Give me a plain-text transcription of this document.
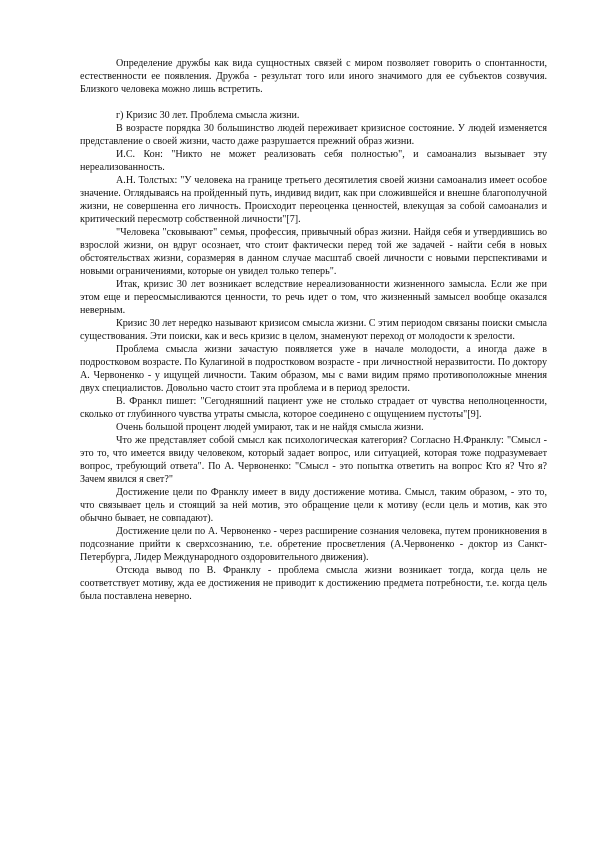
Определение дружбы как вида сущностных связей с миром позволяет говорить о спонтанности, естественности ее появления. Дружба - результат того или иного значимого для ее субъектов созвучия. Близкого человека можно лишь встретить.

г) Кризис 30 лет. Проблема смысла жизни.

В возрасте порядка 30 большинство людей переживает кризисное состояние. У людей изменяется представление о своей жизни, часто даже разрушается прежний образ жизни.

И.С. Кон: "Никто не может реализовать себя полностью", и самоанализ вызывает эту нереализованность.

А.Н. Толстых: "У человека на границе третьего десятилетия своей жизни самоанализ имеет особое значение. Оглядываясь на пройденный путь, индивид видит, как при сложившейся и внешне благополучной жизни, не совершенна его личность. Происходит переоценка ценностей, влекущая за собой самоанализ и критический пересмотр собственной личности"[7].

"Человека "сковывают" семья, профессия, привычный образ жизни. Найдя себя и утвердившись во взрослой жизни, он вдруг осознает, что стоит фактически перед той же задачей - найти себя в новых обстоятельствах жизни, соразмеряя в данном случае масштаб своей личности с новыми перспективами и новыми ограничениями, которые он увидел только теперь".

Итак, кризис 30 лет возникает вследствие нереализованности жизненного замысла. Если же при этом еще и переосмысливаются ценности, то речь идет о том, что жизненный замысел вообще оказался неверным.

Кризис 30 лет нередко называют кризисом смысла жизни. С этим периодом связаны поиски смысла существования. Эти поиски, как и весь кризис в целом, знаменуют переход от молодости к зрелости.

Проблема смысла жизни зачастую появляется уже в начале молодости, а иногда даже в подростковом возрасте. По Кулагиной в подростковом возрасте - при личностной неразвитости. По доктору А. Червоненко - у ищущей личности. Таким образом, мы с вами видим прямо противоположные мнения двух специалистов. Довольно часто стоит эта проблема и в период зрелости.

В. Франкл пишет: "Сегодняшний пациент уже не столько страдает от чувства неполноценности, сколько от глубинного чувства утраты смысла, которое соединено с ощущением пустоты"[9].

Очень большой процент людей умирают, так и не найдя смысла жизни.

Что же представляет собой смысл как психологическая категория? Согласно Н.Франклу: "Смысл - это то, что имеется ввиду человеком, который задает вопрос, или ситуацией, которая тоже подразумевает вопрос, требующий ответа". По А. Червоненко: "Смысл - это попытка ответить на вопрос Кто я? Что я? Зачем явился я свет?"

Достижение цели по Франклу имеет в виду достижение мотива. Смысл, таким образом, - это то, что связывает цель и стоящий за ней мотив, это обращение цели к мотиву (если цель и мотив, как это обычно бывает, не совпадают).

Достижение цели по А. Червоненко - через расширение сознания человека, путем проникновения в подсознание прийти к сверхсознанию, т.е. обретение просветления (А.Червоненко - доктор из Санкт-Петербурга, Лидер Международного оздоровительного движения).

Отсюда вывод по В. Франклу - проблема смысла жизни возникает тогда, когда цель не соответствует мотиву, жда ее достижения не приводит к достижению предмета потребности, т.е. когда цель была поставлена неверно.
